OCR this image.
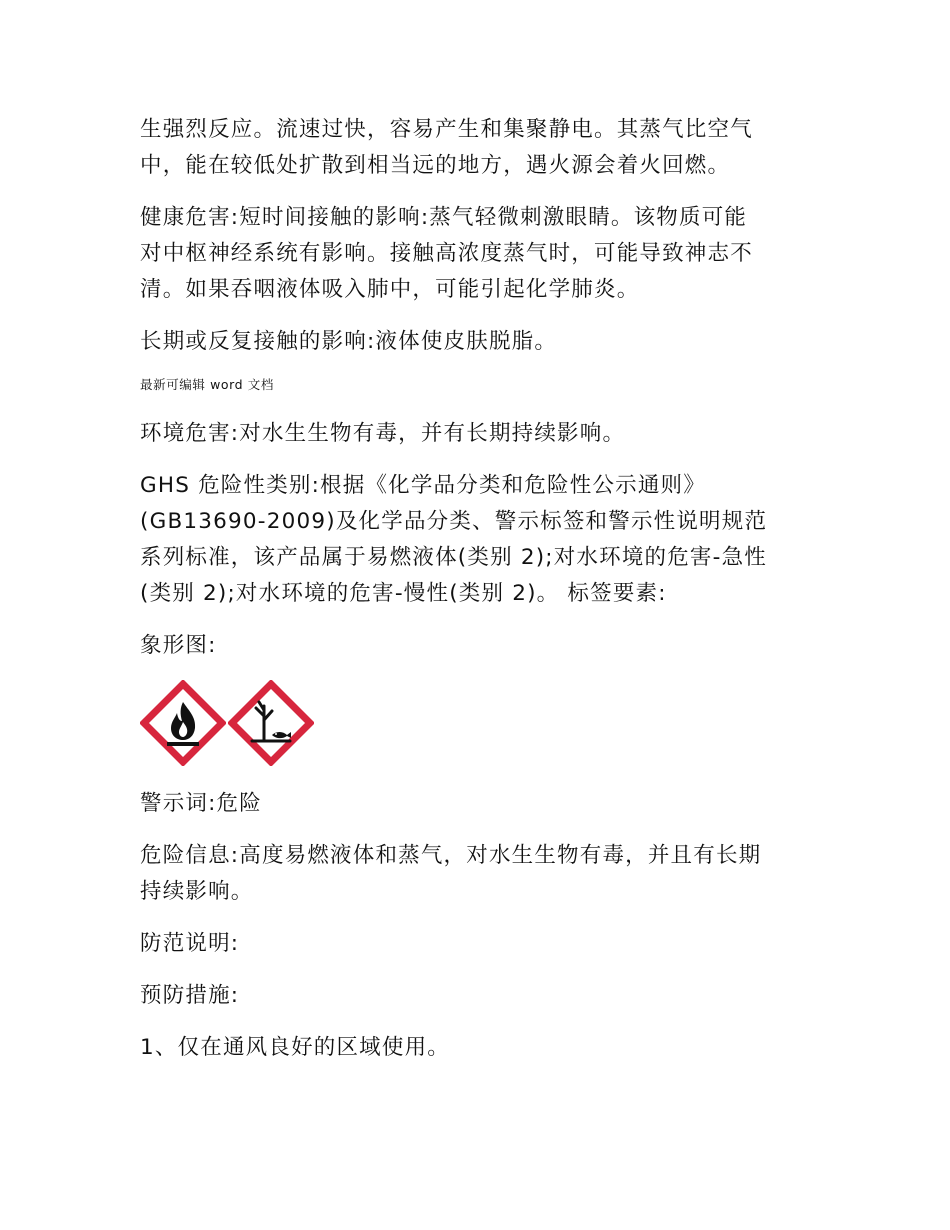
生强烈反应。流速过快，容易产生和集聚静电。其蒸气比空气
中，能在较低处扩散到相当远的地方，遇火源会着火回燃。

健康危害:短时间接触的影响:蒸气轻微刺激眼睛。该物质可能
对中枢神经系统有影响。接触高浓度蒸气时，可能导致神志不
清。如果吞咽液体吸入肺中，可能引起化学肺炎。

长期或反复接触的影响:液体使皮肤脱脂。

最新可编辑 word 文档

环境危害:对水生生物有毒，并有长期持续影响。

GHS 危险性类别:根据《化学品分类和危险性公示通则》
(GB13690-2009)及化学品分类、警示标签和警示性说明规范
系列标准，该产品属于易燃液体(类别 2);对水环境的危害-急性
(类别 2);对水环境的危害-慢性(类别 2)。 标签要素:

象形图:

警示词:危险

危险信息:高度易燃液体和蒸气，对水生生物有毒，并且有长期
持续影响。

防范说明:

预防措施:

1、仅在通风良好的区域使用。
